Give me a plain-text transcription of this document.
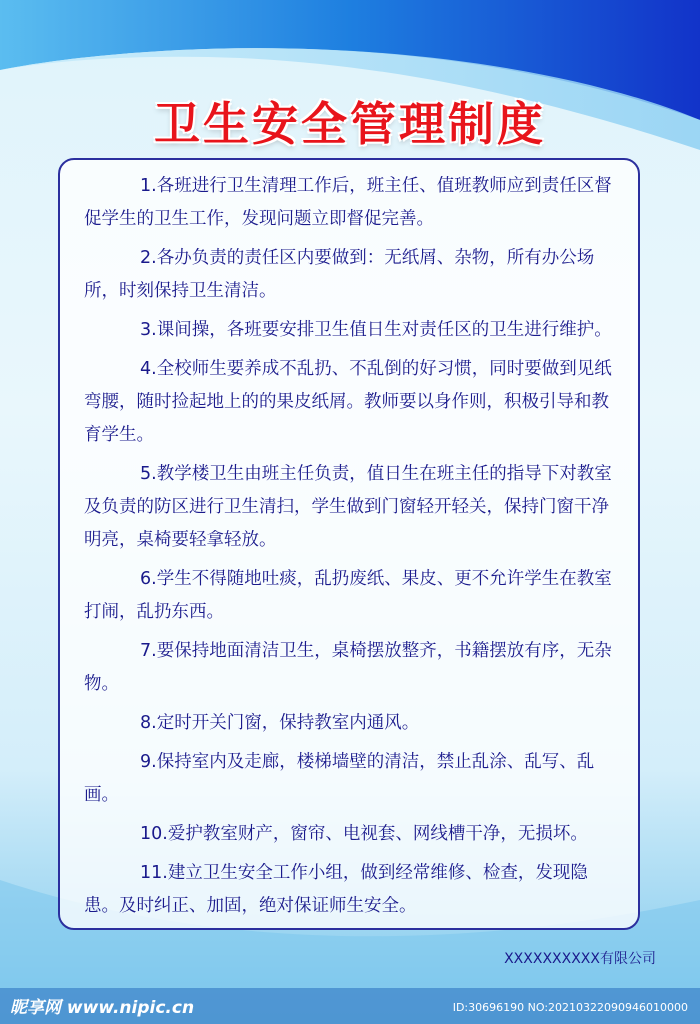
卫生安全管理制度

1.各班进行卫生清理工作后，班主任、值班教师应到责任区督促学生的卫生工作，发现问题立即督促完善。

2.各办负责的责任区内要做到：无纸屑、杂物，所有办公场所，时刻保持卫生清洁。

3.课间操，各班要安排卫生值日生对责任区的卫生进行维护。

4.全校师生要养成不乱扔、不乱倒的好习惯，同时要做到见纸弯腰，随时捡起地上的的果皮纸屑。教师要以身作则，积极引导和教育学生。

5.教学楼卫生由班主任负责，值日生在班主任的指导下对教室及负责的防区进行卫生清扫，学生做到门窗轻开轻关，保持门窗干净明亮，桌椅要轻拿轻放。

6.学生不得随地吐痰，乱扔废纸、果皮、更不允许学生在教室打闹，乱扔东西。

7.要保持地面清洁卫生，桌椅摆放整齐，书籍摆放有序，无杂物。

8.定时开关门窗，保持教室内通风。

9.保持室内及走廊，楼梯墙壁的清洁，禁止乱涂、乱写、乱画。

10.爱护教室财产，窗帘、电视套、网线槽干净，无损坏。

11.建立卫生安全工作小组，做到经常维修、检查，发现隐患。及时纠正、加固，绝对保证师生安全。

XXXXXXXXXX有限公司
昵享网 www.nipic.cn	ID:30696190 NO:20210322090946010000
